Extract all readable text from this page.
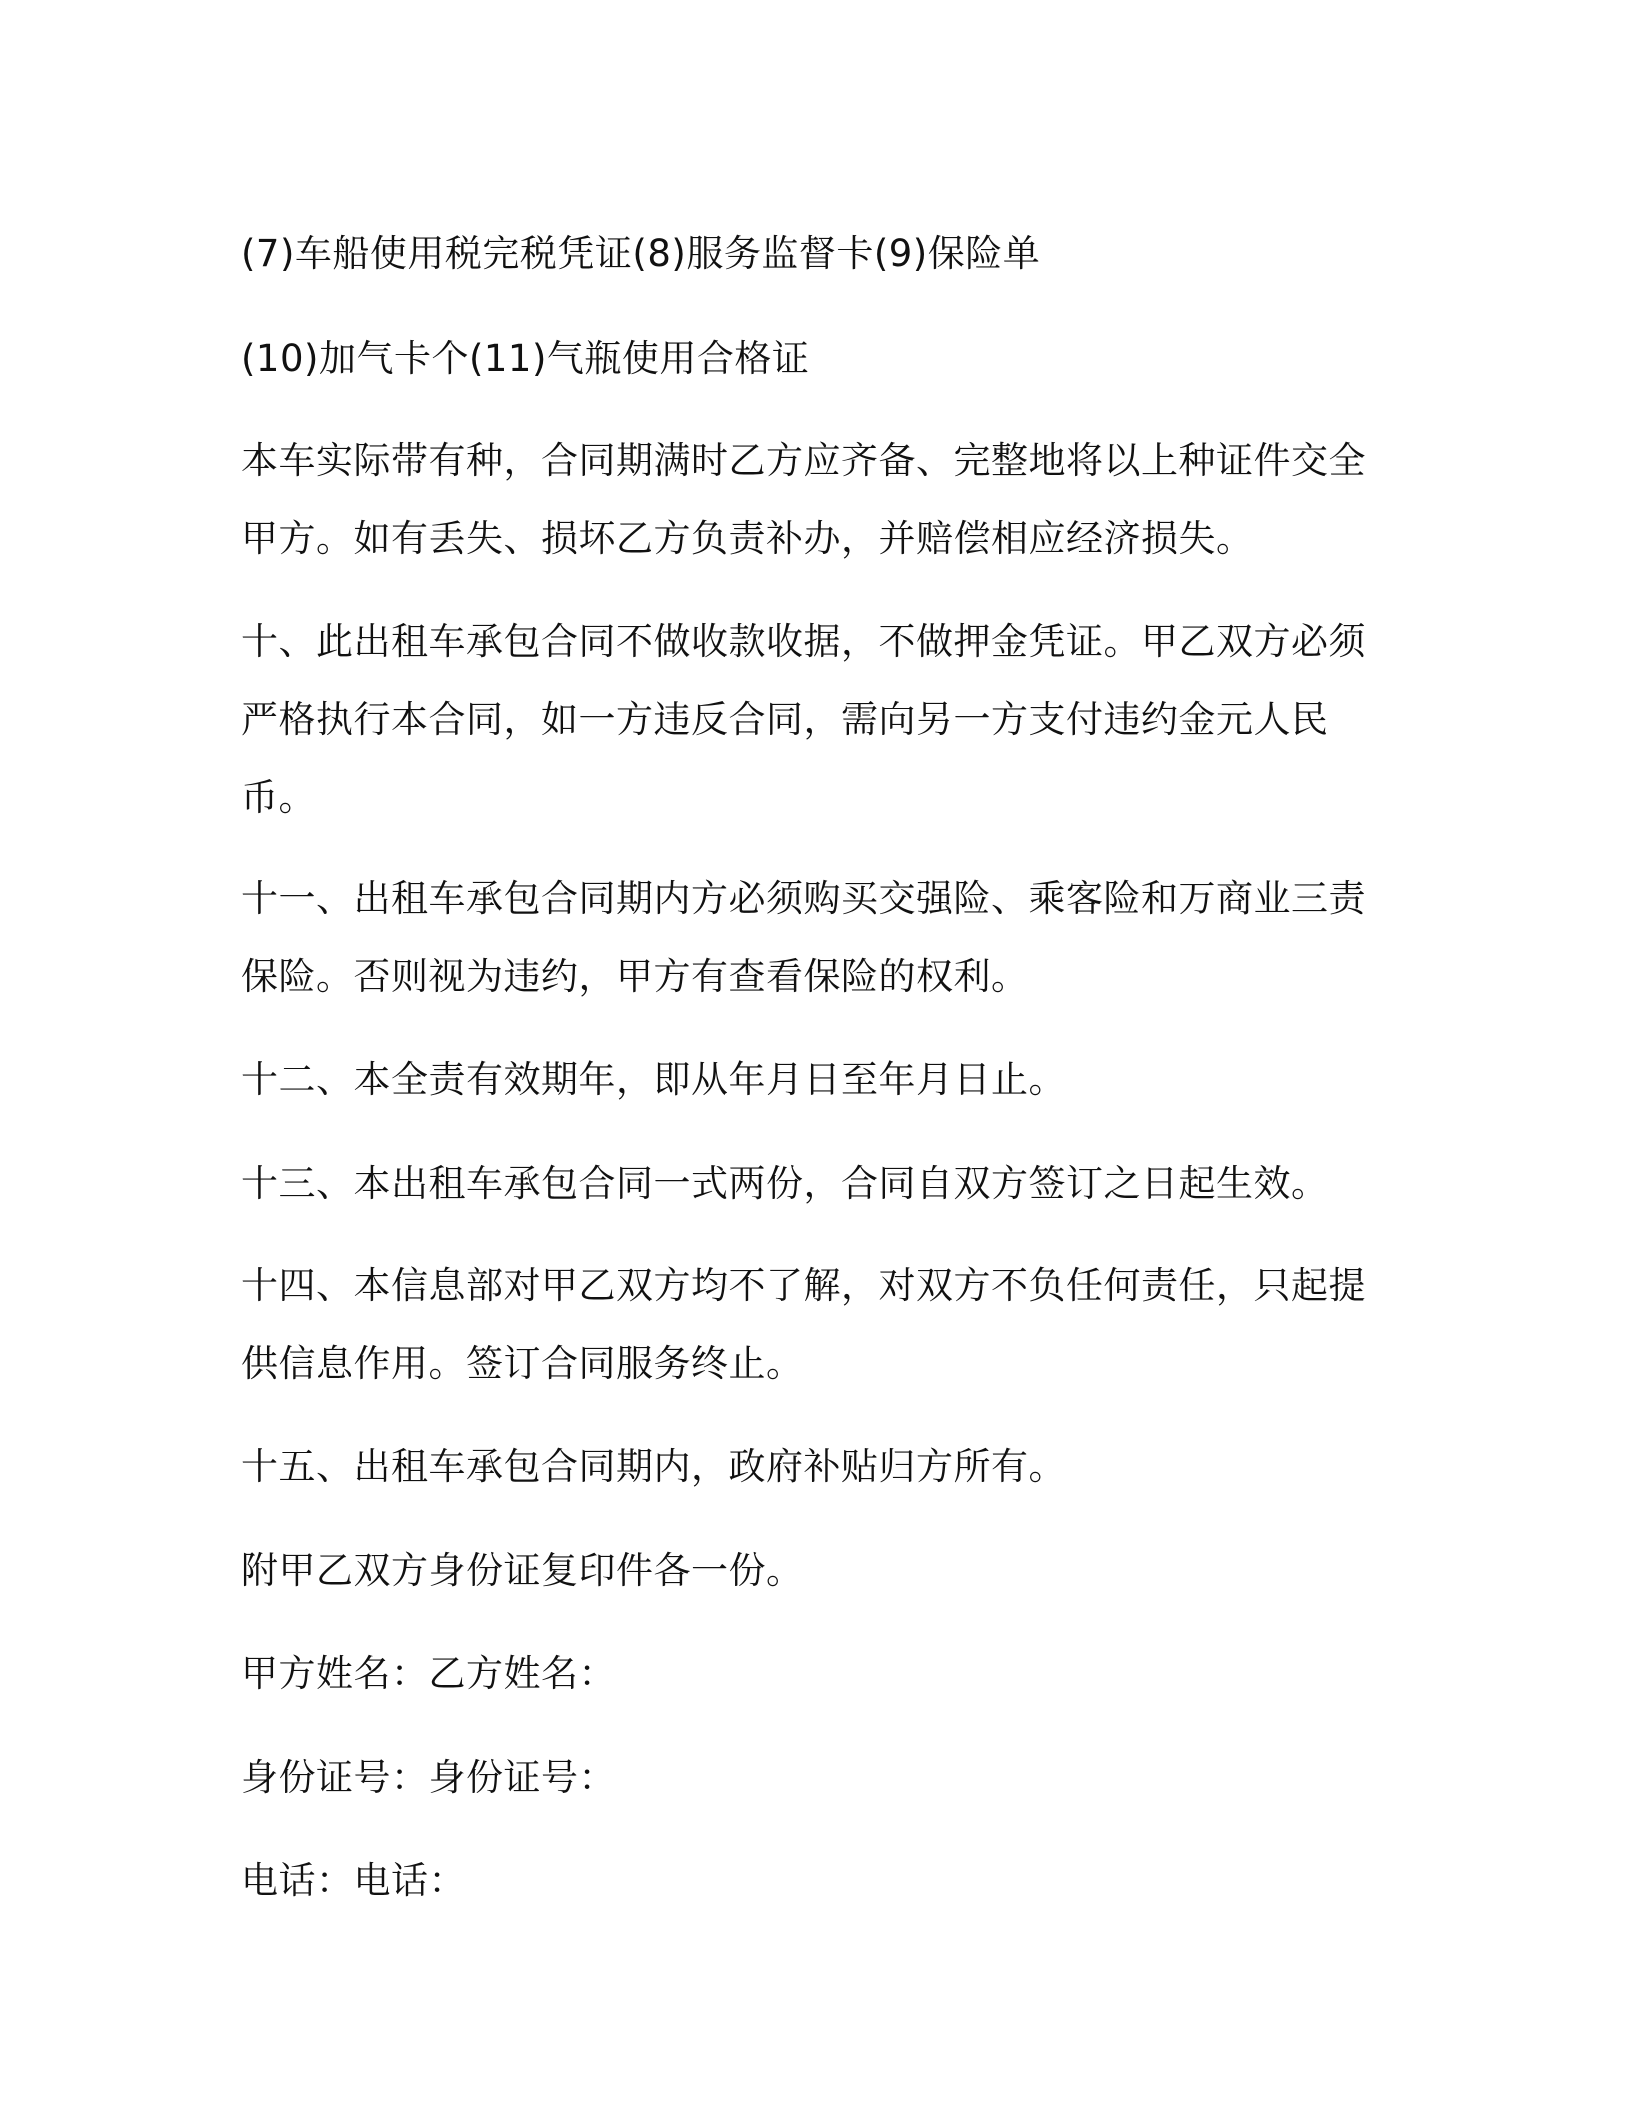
(7)车船使用税完税凭证(8)服务监督卡(9)保险单

(10)加气卡个(11)气瓶使用合格证

本车实际带有种，合同期满时乙方应齐备、完整地将以上种证件交全甲方。如有丢失、损坏乙方负责补办，并赔偿相应经济损失。

十、此出租车承包合同不做收款收据，不做押金凭证。甲乙双方必须严格执行本合同，如一方违反合同，需向另一方支付违约金元人民币。

十一、出租车承包合同期内方必须购买交强险、乘客险和万商业三责保险。否则视为违约，甲方有查看保险的权利。

十二、本全责有效期年，即从年月日至年月日止。

十三、本出租车承包合同一式两份，合同自双方签订之日起生效。

十四、本信息部对甲乙双方均不了解，对双方不负任何责任，只起提供信息作用。签订合同服务终止。

十五、出租车承包合同期内，政府补贴归方所有。

附甲乙双方身份证复印件各一份。

甲方姓名：乙方姓名：

身份证号：身份证号：

电话：电话：
